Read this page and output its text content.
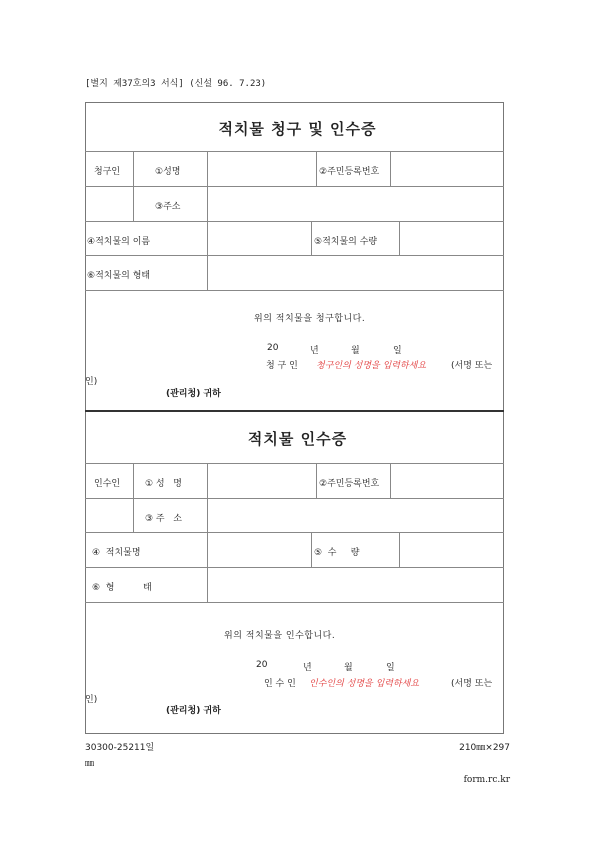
[별지 제37호의3 서식] (신설 96. 7.23)
적치물 청구 및 인수증
청구인	①성명	②주민등록번호
③주소
④적치물의 이름	⑤적치물의 수량
⑥적치물의 형태
위의 적치물을 청구합니다.
20	년	월	일
청 구 인 청구인의 성명을 입력하세요	(서명 또는
인)
(관리청) 귀하
적치물 인수증
인수인	① 성   명	②주민등록번호
③ 주   소
④  적치물명	⑤  수     량
⑥  형          태
위의 적치물을 인수합니다.
20	년	월	일
인 수 인 인수인의 성명을 입력하세요	(서명 또는
인)
(관리청) 귀하
30300-25211일
㎜
210㎜×297
form.rc.kr
